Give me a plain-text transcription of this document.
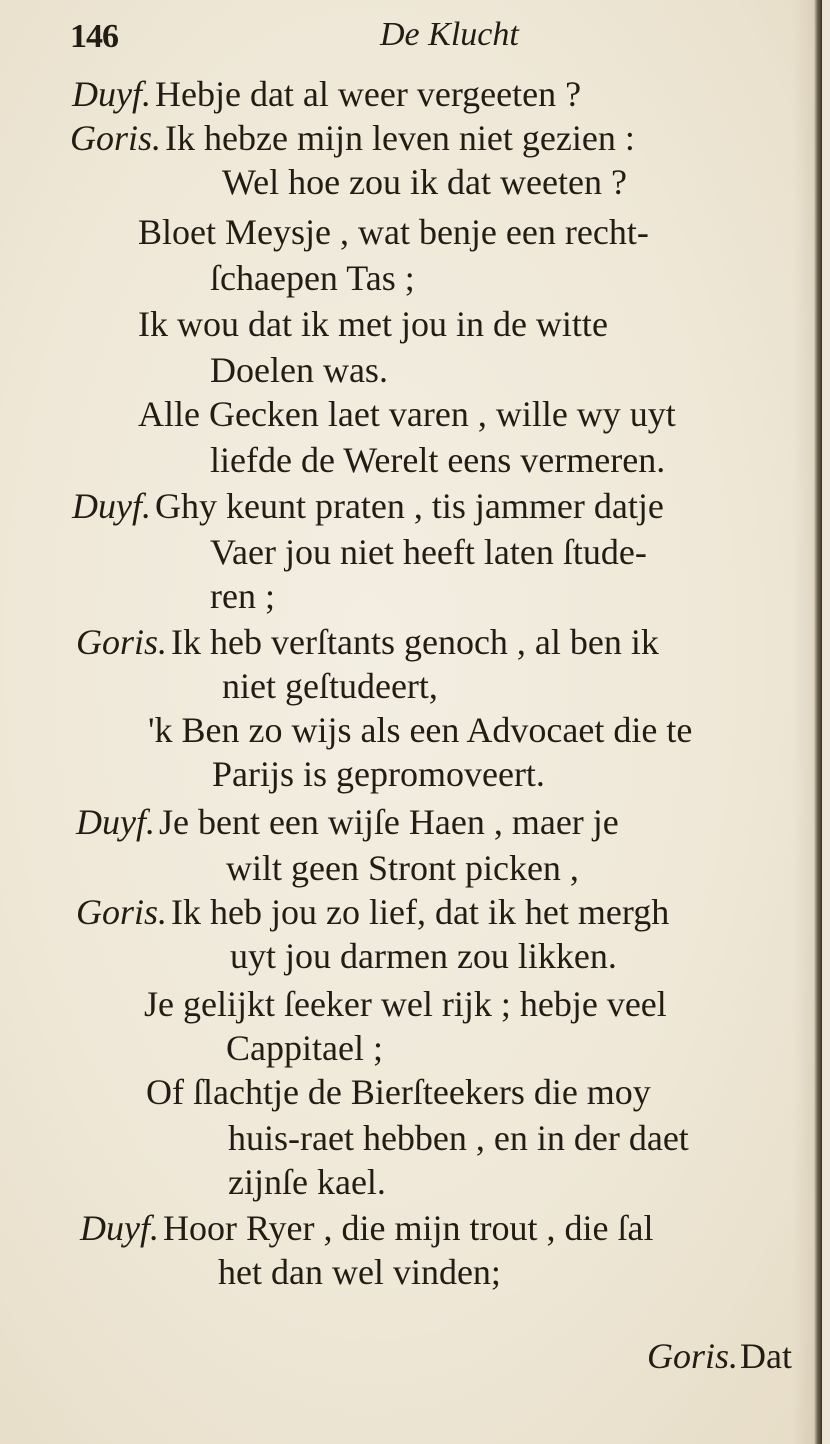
146	De Klucht
Duyf. Hebje dat al weer vergeeten ?
Goris. Ik hebze mijn leven niet gezien :
Wel hoe zou ik dat weeten ?
Bloet Meysje , wat benje een recht-
ſchaepen Tas ;
Ik wou dat ik met jou in de witte
Doelen was.
Alle Gecken laet varen , wille wy uyt
liefde de Werelt eens vermeren.
Duyf. Ghy keunt praten , tis jammer datje
Vaer jou niet heeft laten ſtude-
ren ;
Goris. Ik heb verſtants genoch , al ben ik
niet geſtudeert,
'k Ben zo wijs als een Advocaet die te
Parijs is gepromoveert.
Duyf. Je bent een wijſe Haen , maer je
wilt geen Stront picken ,
Goris. Ik heb jou zo lief, dat ik het mergh
uyt jou darmen zou likken.
Je gelijkt ſeeker wel rijk ; hebje veel
Cappitael ;
Of ſlachtje de Bierſteekers die moy
huis-raet hebben , en in der daet
zijnſe kael.
Duyf. Hoor Ryer , die mijn trout , die ſal
het dan wel vinden;
Goris.Dat
